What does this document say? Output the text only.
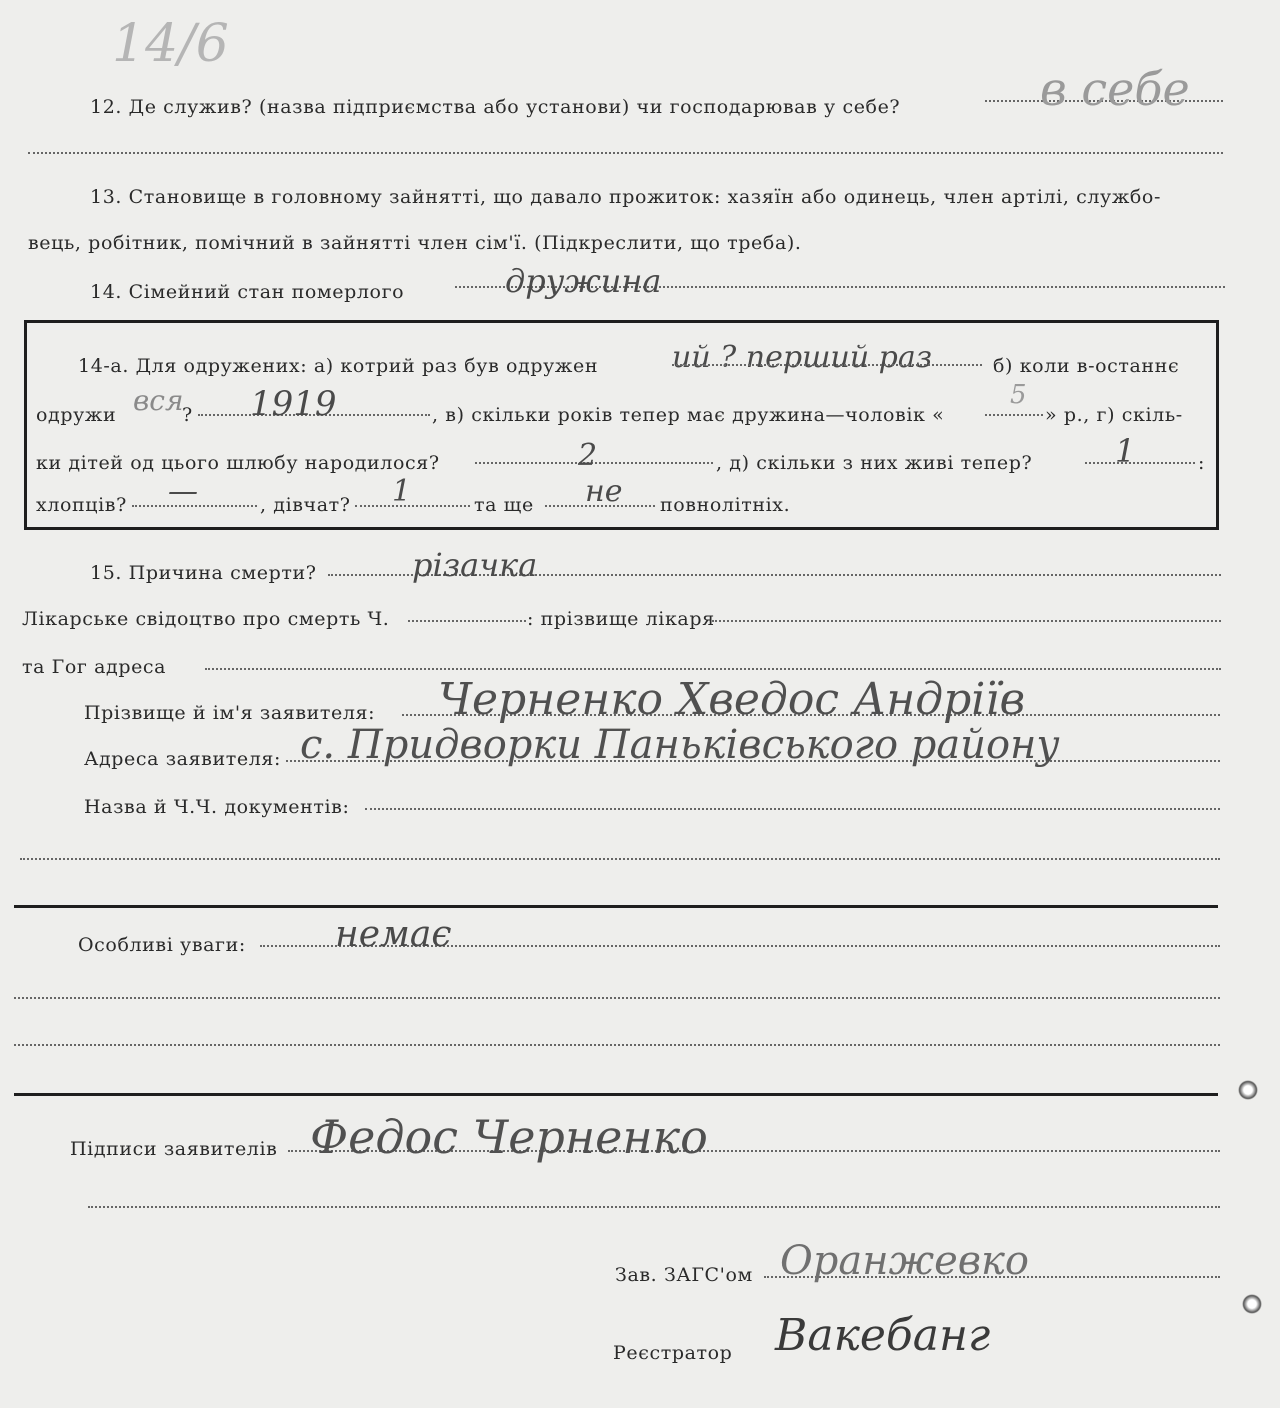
14/6
12. Де служив? (назва підприємства або установи) чи господарював у себе?	в себе
13. Становище в головному зайнятті, що давало прожиток: хазяїн або одинець, член артілі, службо-
вець, робітник, помічний в зайнятті член сім'ї. (Підкреслити, що треба).
14. Сімейний стан померлого	дружина
14-а. Для одружених: а) котрий раз був одружен ий ? перший раз	б) коли в-останнє
одружи вся
? 1919	, в) скільки років тепер має дружина—чоловік «
5
» р., г) скіль-
ки дітей од цього шлюбу народилося?	2	, д) скільки з них живі тепер?	1	:
хлопців? —	, дівчат? 1	та ще не повнолітніх.
15. Причина смерти?	різачка
Лікарське свідоцтво про смерть Ч.	: прізвище лікаря
та Гог адреса
Прізвище й ім'я заявителя: Черненко Хведос Андріїв
Адреса заявителя: с. Придворки Паньківського району
Назва й Ч.Ч. документів:
Особливі уваги: немає
Підписи заявителів Федос Черненко
Зав. ЗАГС'ом Оранжевко
Реєстратор Вакебанг
